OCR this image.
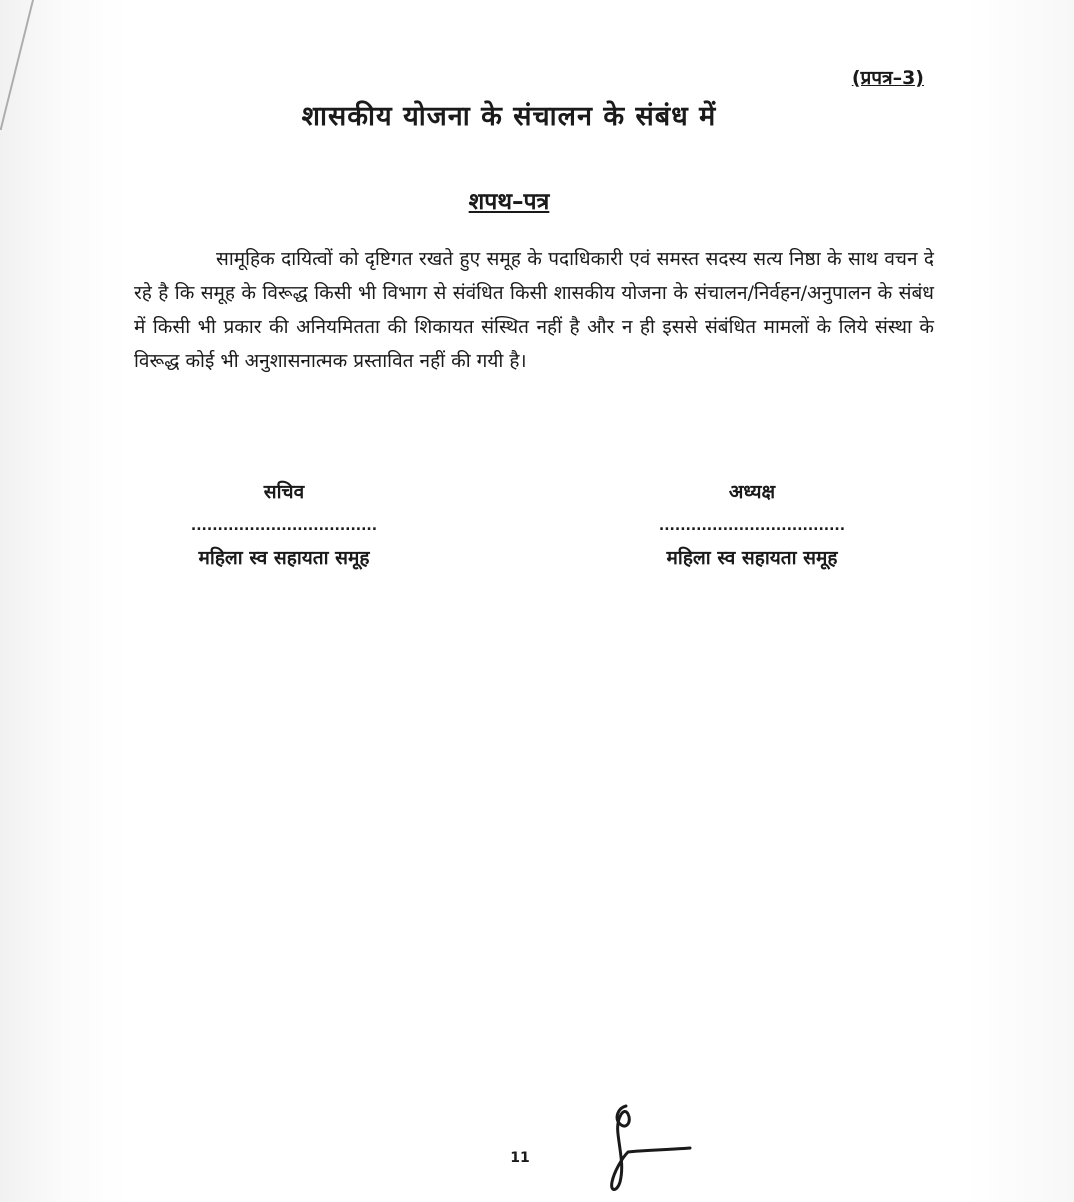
(प्रपत्र–3)
शासकीय योजना के संचालन के संबंध में
शपथ–पत्र

सामूहिक दायित्वों को दृष्टिगत रखते हुए समूह के पदाधिकारी एवं समस्त सदस्य सत्य निष्ठा के साथ वचन दे रहे है कि समूह के विरूद्ध किसी भी विभाग से संवंधित किसी शासकीय योजना के संचालन/निर्वहन/अनुपालन के संबंध में किसी भी प्रकार की अनियमितता की शिकायत संस्थित नहीं है और न ही इससे संबंधित मामलों के लिये संस्था के विरूद्ध कोई भी अनुशासनात्मक प्रस्तावित नहीं की गयी है।

सचिव
...................................
महिला स्व सहायता समूह
अध्यक्ष
...................................
महिला स्व सहायता समूह
11
